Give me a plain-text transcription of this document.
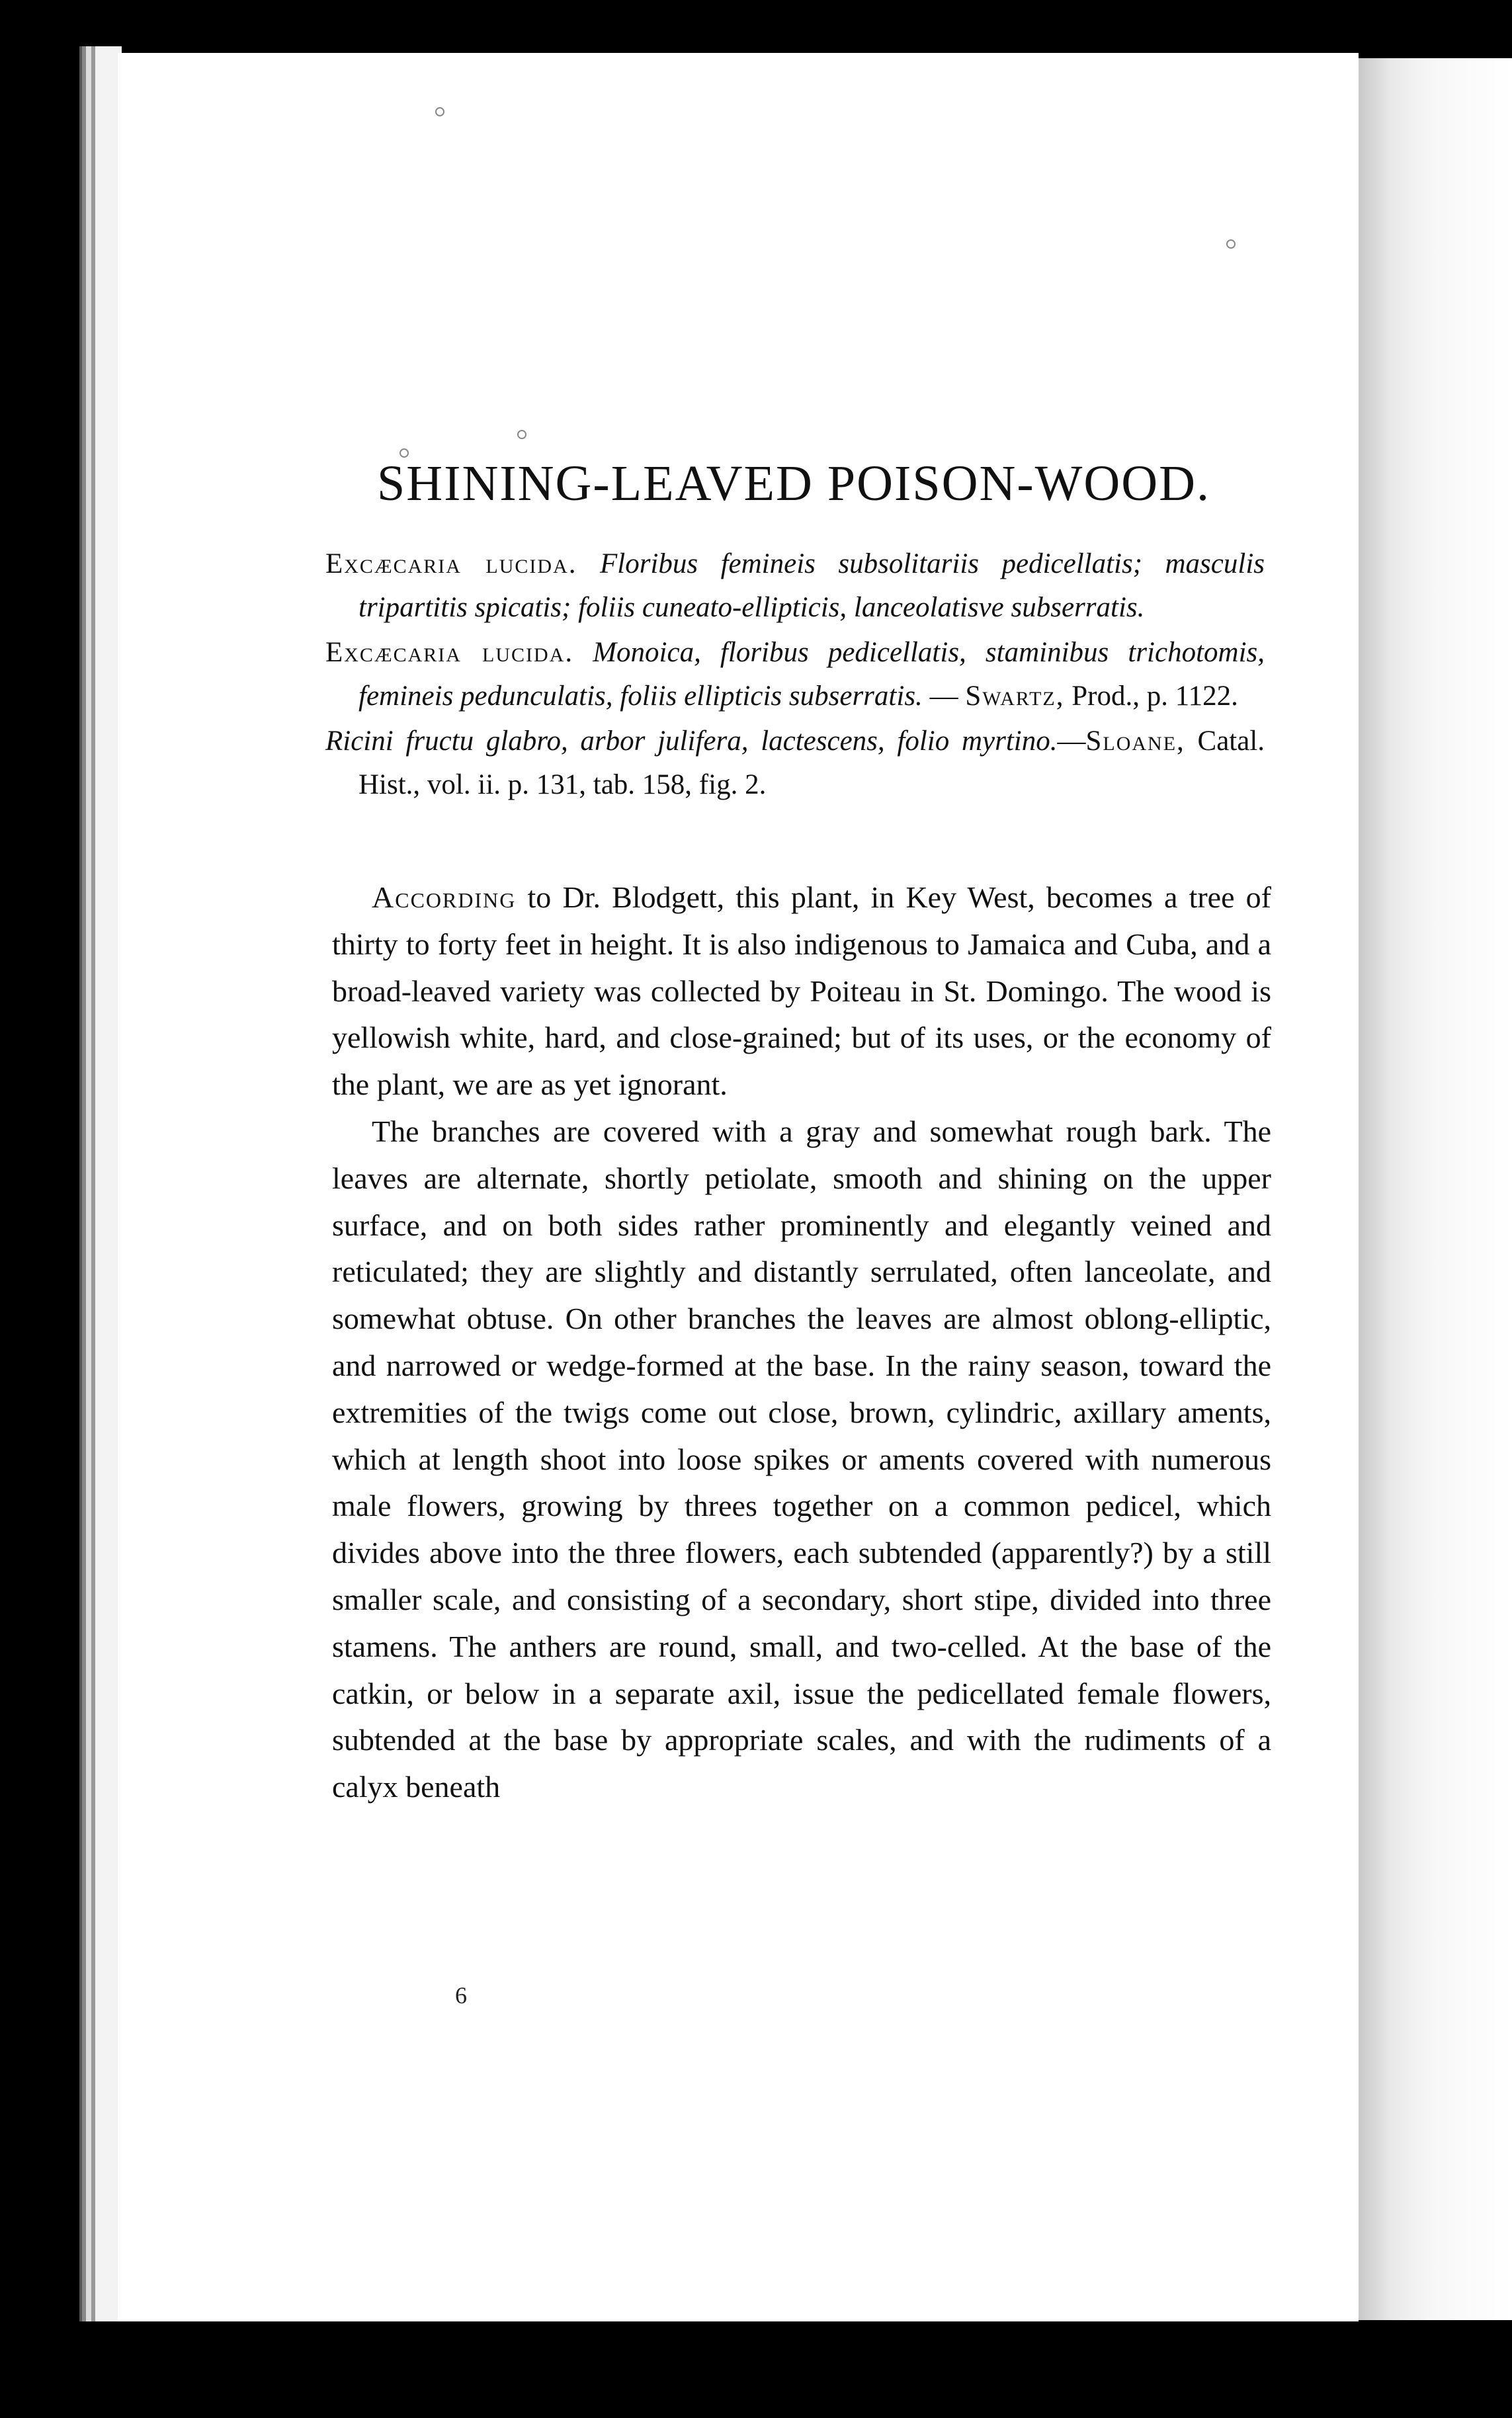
SHINING-LEAVED POISON-WOOD.

Excæcaria lucida. Floribus femineis subsolitariis pedicellatis; masculis tripartitis spicatis; foliis cuneato-ellipticis, lanceolatisve subserratis.

Excæcaria lucida. Monoica, floribus pedicellatis, staminibus trichotomis, femineis pedunculatis, foliis ellipticis subserratis. — Swartz, Prod., p. 1122.

Ricini fructu glabro, arbor julifera, lactescens, folio myrtino.—Sloane, Catal. Hist., vol. ii. p. 131, tab. 158, fig. 2.

According to Dr. Blodgett, this plant, in Key West, becomes a tree of thirty to forty feet in height. It is also indigenous to Jamaica and Cuba, and a broad-leaved variety was collected by Poiteau in St. Domingo. The wood is yellowish white, hard, and close-grained; but of its uses, or the economy of the plant, we are as yet ignorant.

The branches are covered with a gray and somewhat rough bark. The leaves are alternate, shortly petiolate, smooth and shining on the upper surface, and on both sides rather prominently and elegantly veined and reticulated; they are slightly and distantly serrulated, often lanceolate, and somewhat obtuse. On other branches the leaves are almost oblong-elliptic, and narrowed or wedge-formed at the base. In the rainy season, toward the extremities of the twigs come out close, brown, cylindric, axillary aments, which at length shoot into loose spikes or aments covered with numerous male flowers, growing by threes together on a common pedicel, which divides above into the three flowers, each subtended (apparently?) by a still smaller scale, and consisting of a secondary, short stipe, divided into three stamens. The anthers are round, small, and two-celled. At the base of the catkin, or below in a separate axil, issue the pedicellated female flowers, subtended at the base by appropriate scales, and with the rudiments of a calyx beneath

6
